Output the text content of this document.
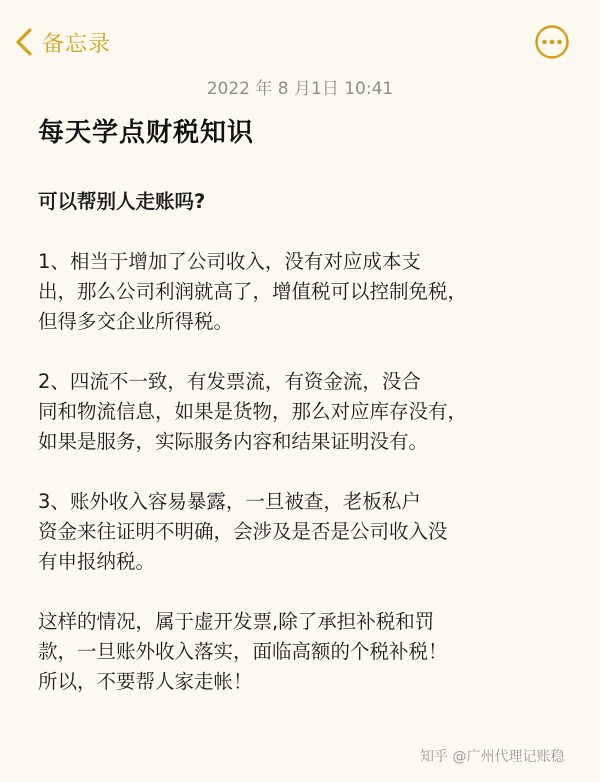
备忘录
2022 年 8 月1日 10:41
每天学点财税知识
可以帮别人走账吗?
1、相当于增加了公司收入，没有对应成本支
出，那么公司利润就高了，增值税可以控制免税，
但得多交企业所得税。
2、四流不一致，有发票流，有资金流，没合
同和物流信息，如果是货物，那么对应库存没有，
如果是服务，实际服务内容和结果证明没有。
3、账外收入容易暴露，一旦被查，老板私户
资金来往证明不明确，会涉及是否是公司收入没
有申报纳税。
这样的情况，属于虚开发票,除了承担补税和罚
款，一旦账外收入落实，面临高额的个税补税！
所以，不要帮人家走帐！
知乎 @广州代理记账稳
